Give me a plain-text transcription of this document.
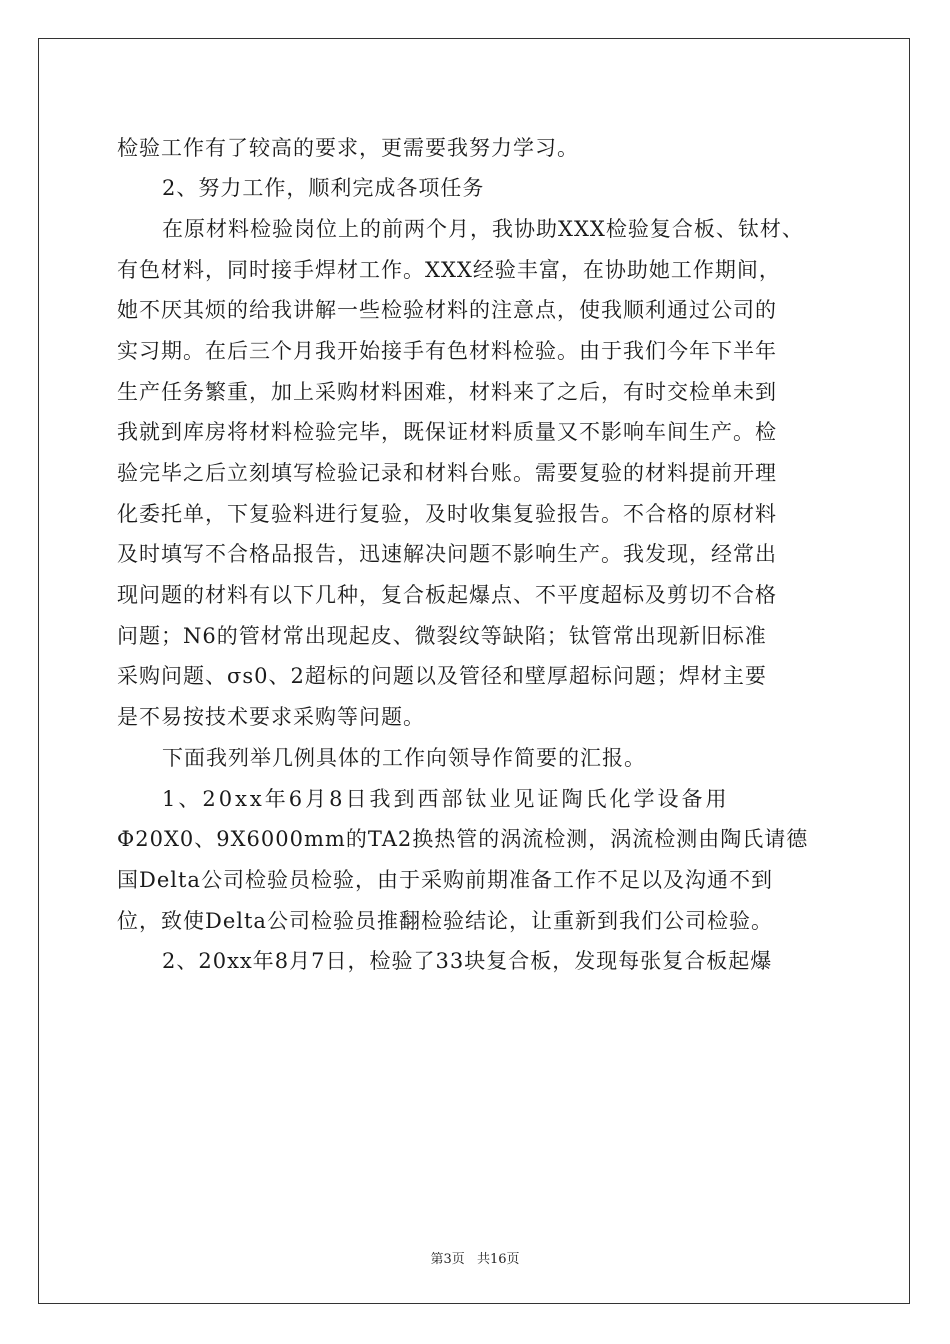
检验工作有了较高的要求，更需要我努力学习。
2、努力工作，顺利完成各项任务
在原材料检验岗位上的前两个月，我协助XXX检验复合板、钛材、
有色材料，同时接手焊材工作。XXX经验丰富，在协助她工作期间，
她不厌其烦的给我讲解一些检验材料的注意点，使我顺利通过公司的
实习期。在后三个月我开始接手有色材料检验。由于我们今年下半年
生产任务繁重，加上采购材料困难，材料来了之后，有时交检单未到
我就到库房将材料检验完毕，既保证材料质量又不影响车间生产。检
验完毕之后立刻填写检验记录和材料台账。需要复验的材料提前开理
化委托单，下复验料进行复验，及时收集复验报告。不合格的原材料
及时填写不合格品报告，迅速解决问题不影响生产。我发现，经常出
现问题的材料有以下几种，复合板起爆点、不平度超标及剪切不合格
问题；N6的管材常出现起皮、微裂纹等缺陷；钛管常出现新旧标准
采购问题、σs0、2超标的问题以及管径和壁厚超标问题；焊材主要
是不易按技术要求采购等问题。
下面我列举几例具体的工作向领导作简要的汇报。
1、20xx年6月8日我到西部钛业见证陶氏化学设备用
Φ20X0、9X6000mm的TA2换热管的涡流检测，涡流检测由陶氏请德
国Delta公司检验员检验，由于采购前期准备工作不足以及沟通不到
位，致使Delta公司检验员推翻检验结论，让重新到我们公司检验。
2、20xx年8月7日，检验了33块复合板，发现每张复合板起爆
第3页 共16页
